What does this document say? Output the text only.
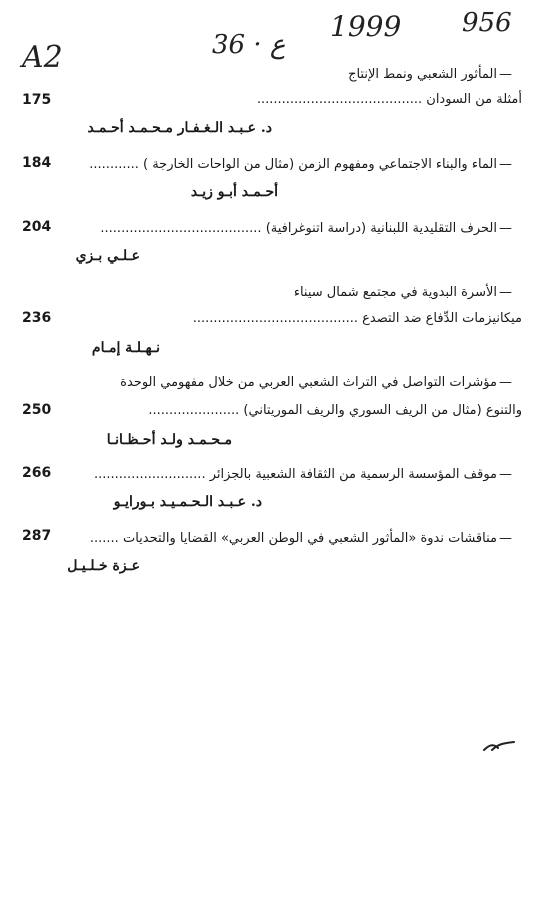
A2	36 · ع
1999 956
— المأثور الشعبي ونمط الإنتاج
أمثلة من السودان ........................................
175
د. عـبـد الـغـفـار مـحـمـد أحـمـد
— الماء والبناء الاجتماعي ومفهوم الزمن (مثال من الواحات الخارجة ) ............
184
أحـمـد أبـو زيـد
— الحرف التقليدية اللبنانية (دراسة اتنوغرافية) .......................................
204
عـلـي بـزي
— الأسرة البدوية في مجتمع شمال سيناء
ميكانيزمات الدِّفاع ضد التصدع ........................................
236
نـهـلـة إمـام
— مؤشرات التواصل في التراث الشعبي العربي من خلال مفهومي الوحدة
والتنوع (مثال من الريف السوري والريف الموريتاني) ......................
250
مـحـمـد ولـد أحـظـانـا
— موقف المؤسسة الرسمية من الثقافة الشعبية بالجزائر ...........................
266
د. عـبـد الـحـمـيـد بـورايـو
— مناقشات ندوة «المأثور الشعبي في الوطن العربي» القضايا والتحديات .......
287
عـزة خـلـيـل
